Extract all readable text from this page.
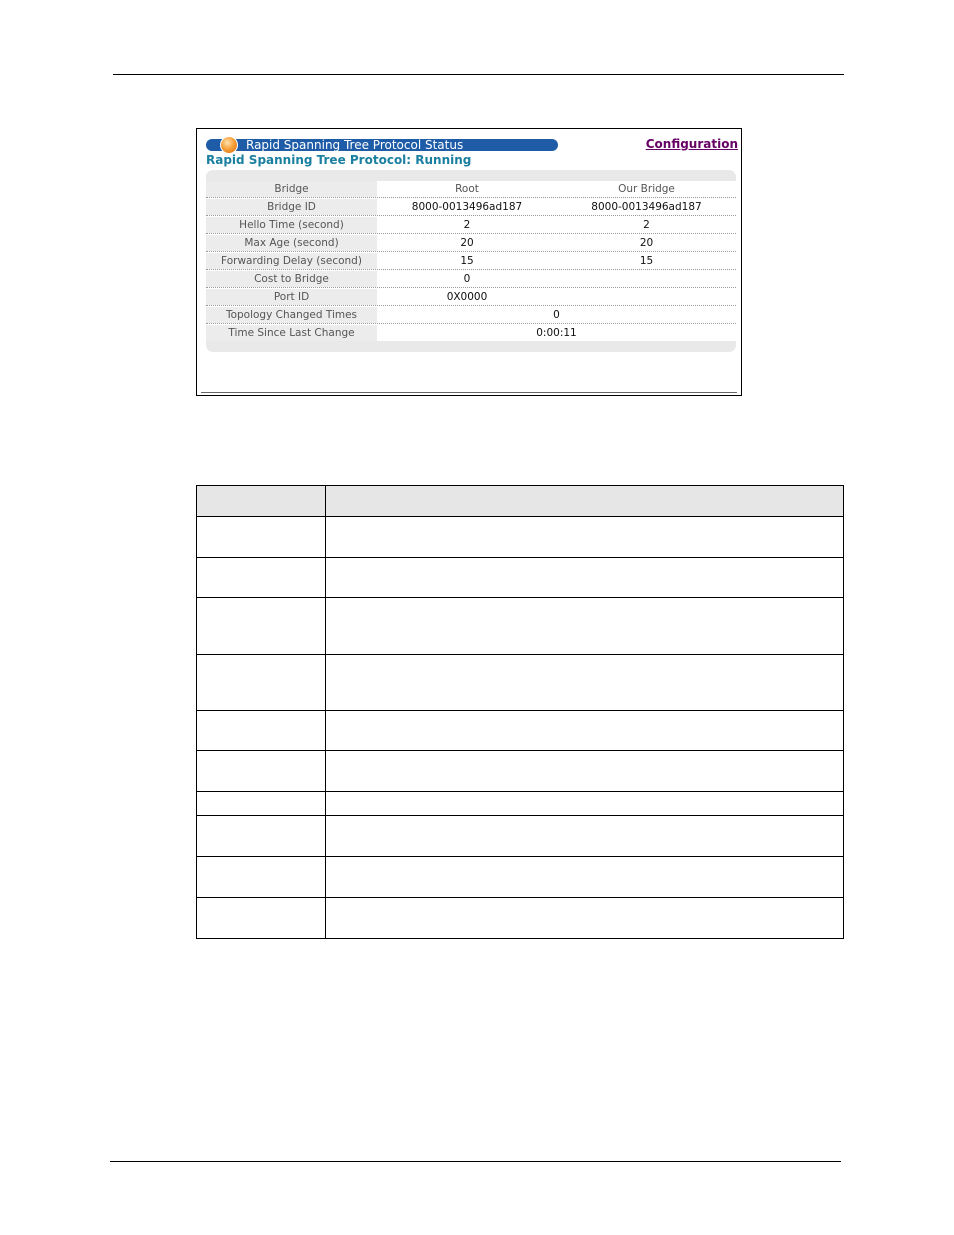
Rapid Spanning Tree Protocol Status	Configuration
Rapid Spanning Tree Protocol: Running
Bridge	Root	Our Bridge
Bridge ID	8000-0013496ad187	8000-0013496ad187
Hello Time (second)	2	2
Max Age (second)	20	20
Forwarding Delay (second)	15	15
Cost to Bridge	0
Port ID	0X0000
Topology Changed Times	0
Time Since Last Change	0:00:11
